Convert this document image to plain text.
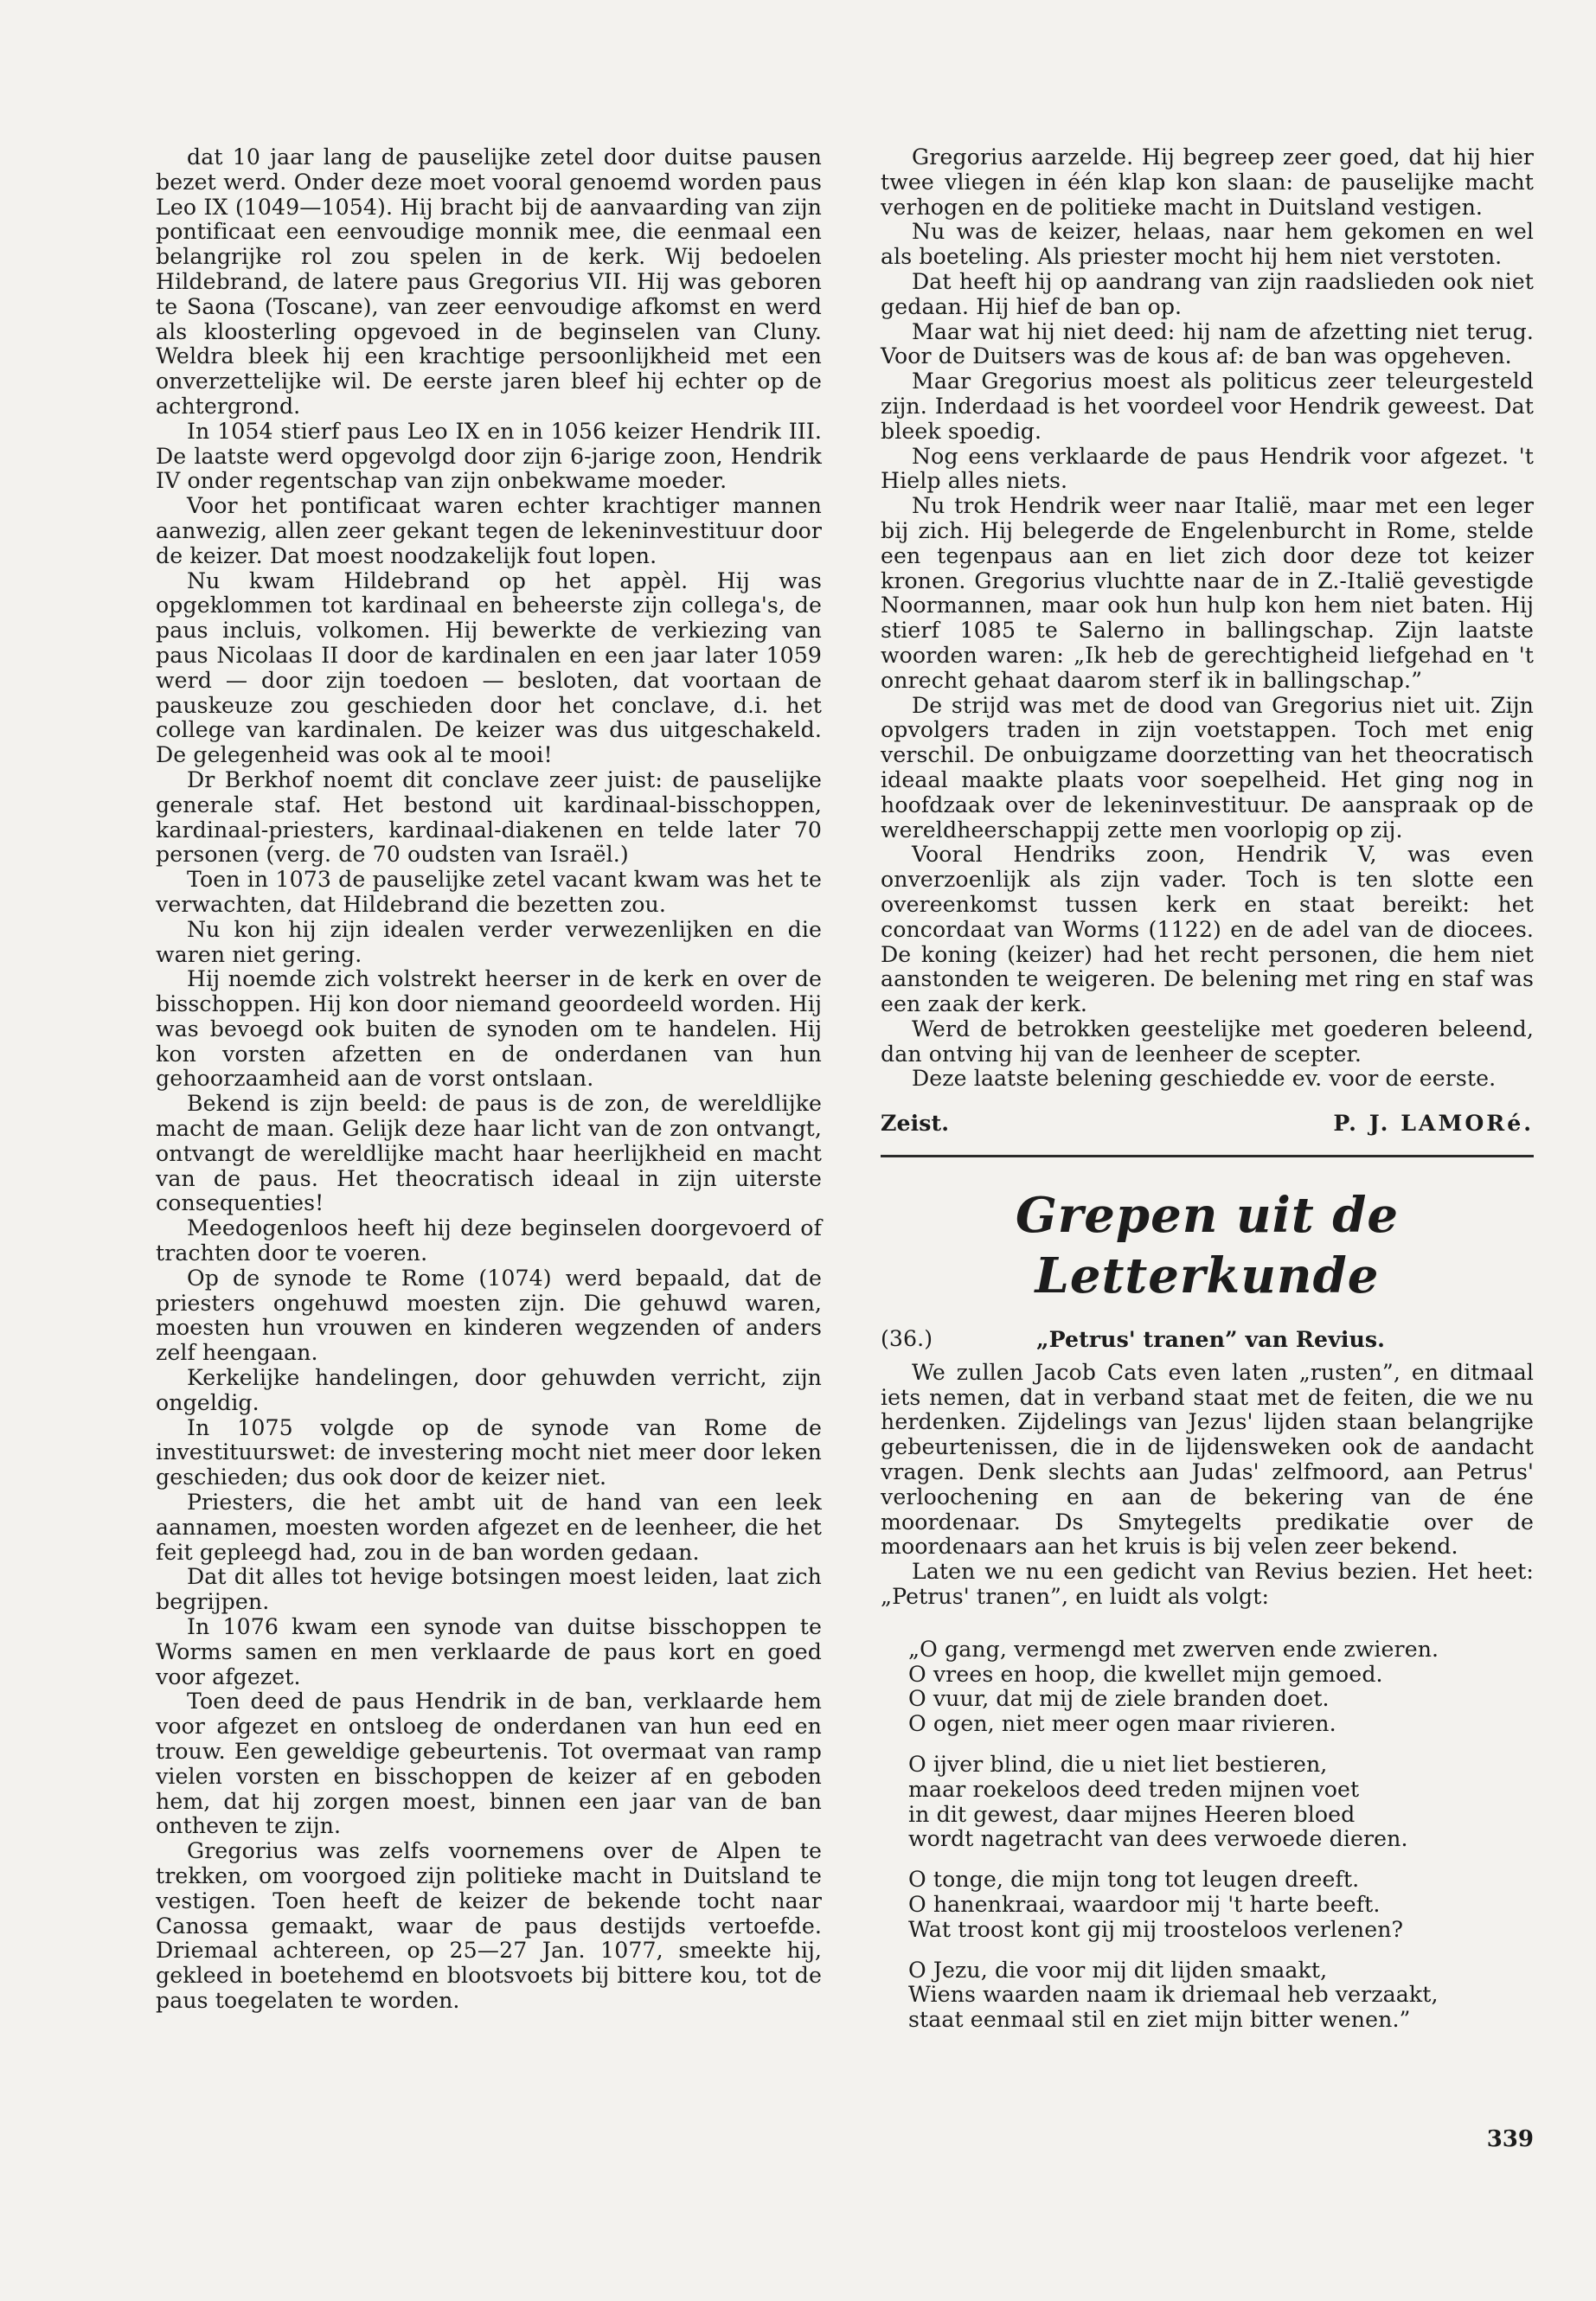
dat 10 jaar lang de pauselijke zetel door duitse pausen bezet werd. Onder deze moet vooral genoemd worden paus Leo IX (1049—1054). Hij bracht bij de aanvaarding van zijn pontificaat een eenvoudige monnik mee, die eenmaal een belangrijke rol zou spelen in de kerk. Wij bedoelen Hildebrand, de latere paus Gregorius VII. Hij was geboren te Saona (Toscane), van zeer eenvoudige afkomst en werd als kloosterling opgevoed in de beginselen van Cluny. Weldra bleek hij een krachtige persoonlijkheid met een onverzettelijke wil. De eerste jaren bleef hij echter op de achtergrond.

In 1054 stierf paus Leo IX en in 1056 keizer Hendrik III. De laatste werd opgevolgd door zijn 6-jarige zoon, Hendrik IV onder regentschap van zijn onbekwame moeder.

Voor het pontificaat waren echter krachtiger mannen aanwezig, allen zeer gekant tegen de lekeninvestituur door de keizer. Dat moest noodzakelijk fout lopen.

Nu kwam Hildebrand op het appèl. Hij was opgeklommen tot kardinaal en beheerste zijn collega's, de paus incluis, volkomen. Hij bewerkte de verkiezing van paus Nicolaas II door de kardinalen en een jaar later 1059 werd — door zijn toedoen — besloten, dat voortaan de pauskeuze zou geschieden door het conclave, d.i. het college van kardinalen. De keizer was dus uitgeschakeld. De gelegenheid was ook al te mooi!

Dr Berkhof noemt dit conclave zeer juist: de pauselijke generale staf. Het bestond uit kardinaal-bisschoppen, kardinaal-priesters, kardinaal-diakenen en telde later 70 personen (verg. de 70 oudsten van Israël.)

Toen in 1073 de pauselijke zetel vacant kwam was het te verwachten, dat Hildebrand die bezetten zou.

Nu kon hij zijn idealen verder verwezenlijken en die waren niet gering.

Hij noemde zich volstrekt heerser in de kerk en over de bisschoppen. Hij kon door niemand geoordeeld worden. Hij was bevoegd ook buiten de synoden om te handelen. Hij kon vorsten afzetten en de onderdanen van hun gehoorzaamheid aan de vorst ontslaan.

Bekend is zijn beeld: de paus is de zon, de wereldlijke macht de maan. Gelijk deze haar licht van de zon ontvangt, ontvangt de wereldlijke macht haar heerlijkheid en macht van de paus. Het theocratisch ideaal in zijn uiterste consequenties!

Meedogenloos heeft hij deze beginselen doorgevoerd of trachten door te voeren.

Op de synode te Rome (1074) werd bepaald, dat de priesters ongehuwd moesten zijn. Die gehuwd waren, moesten hun vrouwen en kinderen wegzenden of anders zelf heengaan.

Kerkelijke handelingen, door gehuwden verricht, zijn ongeldig.

In 1075 volgde op de synode van Rome de investituurswet: de investering mocht niet meer door leken geschieden; dus ook door de keizer niet.

Priesters, die het ambt uit de hand van een leek aannamen, moesten worden afgezet en de leenheer, die het feit gepleegd had, zou in de ban worden gedaan.

Dat dit alles tot hevige botsingen moest leiden, laat zich begrijpen.

In 1076 kwam een synode van duitse bisschoppen te Worms samen en men verklaarde de paus kort en goed voor afgezet.

Toen deed de paus Hendrik in de ban, verklaarde hem voor afgezet en ontsloeg de onderdanen van hun eed en trouw. Een geweldige gebeurtenis. Tot overmaat van ramp vielen vorsten en bisschoppen de keizer af en geboden hem, dat hij zorgen moest, binnen een jaar van de ban ontheven te zijn.

Gregorius was zelfs voornemens over de Alpen te trekken, om voorgoed zijn politieke macht in Duitsland te vestigen. Toen heeft de keizer de bekende tocht naar Canossa gemaakt, waar de paus destijds vertoefde. Driemaal achtereen, op 25—27 Jan. 1077, smeekte hij, gekleed in boetehemd en blootsvoets bij bittere kou, tot de paus toegelaten te worden.

Gregorius aarzelde. Hij begreep zeer goed, dat hij hier twee vliegen in één klap kon slaan: de pauselijke macht verhogen en de politieke macht in Duitsland vestigen.

Nu was de keizer, helaas, naar hem gekomen en wel als boeteling. Als priester mocht hij hem niet verstoten.

Dat heeft hij op aandrang van zijn raadslieden ook niet gedaan. Hij hief de ban op.

Maar wat hij niet deed: hij nam de afzetting niet terug. Voor de Duitsers was de kous af: de ban was opgeheven.

Maar Gregorius moest als politicus zeer teleurgesteld zijn. Inderdaad is het voordeel voor Hendrik geweest. Dat bleek spoedig.

Nog eens verklaarde de paus Hendrik voor afgezet. 't Hielp alles niets.

Nu trok Hendrik weer naar Italië, maar met een leger bij zich. Hij belegerde de Engelenburcht in Rome, stelde een tegenpaus aan en liet zich door deze tot keizer kronen. Gregorius vluchtte naar de in Z.-Italië gevestigde Noormannen, maar ook hun hulp kon hem niet baten. Hij stierf 1085 te Salerno in ballingschap. Zijn laatste woorden waren: „Ik heb de gerechtigheid liefgehad en 't onrecht gehaat daarom sterf ik in ballingschap.”

De strijd was met de dood van Gregorius niet uit. Zijn opvolgers traden in zijn voetstappen. Toch met enig verschil. De onbuigzame doorzetting van het theocratisch ideaal maakte plaats voor soepelheid. Het ging nog in hoofdzaak over de lekeninvestituur. De aanspraak op de wereldheerschappij zette men voorlopig op zij.

Vooral Hendriks zoon, Hendrik V, was even onverzoenlijk als zijn vader. Toch is ten slotte een overeenkomst tussen kerk en staat bereikt: het concordaat van Worms (1122) en de adel van de diocees. De koning (keizer) had het recht personen, die hem niet aanstonden te weigeren. De belening met ring en staf was een zaak der kerk.

Werd de betrokken geestelijke met goederen beleend, dan ontving hij van de leenheer de scepter.

Deze laatste belening geschiedde ev. voor de eerste.

Zeist.	P. J. LAMORé.
Grepen uit de Letterkunde
(36.)	„Petrus' tranen” van Revius.

We zullen Jacob Cats even laten „rusten”, en ditmaal iets nemen, dat in verband staat met de feiten, die we nu herdenken. Zijdelings van Jezus' lijden staan belangrijke gebeurtenissen, die in de lijdensweken ook de aandacht vragen. Denk slechts aan Judas' zelfmoord, aan Petrus' verloochening en aan de bekering van de éne moordenaar. Ds Smytegelts predikatie over de moordenaars aan het kruis is bij velen zeer bekend.

Laten we nu een gedicht van Revius bezien. Het heet: „Petrus' tranen”, en luidt als volgt:

„O gang, vermengd met zwerven ende zwieren.
O vrees en hoop, die kwellet mijn gemoed.
O vuur, dat mij de ziele branden doet.
O ogen, niet meer ogen maar rivieren.
O ijver blind, die u niet liet bestieren,
maar roekeloos deed treden mijnen voet
in dit gewest, daar mijnes Heeren bloed
wordt nagetracht van dees verwoede dieren.
O tonge, die mijn tong tot leugen dreeft.
O hanenkraai, waardoor mij 't harte beeft.
Wat troost kont gij mij troosteloos verlenen?
O Jezu, die voor mij dit lijden smaakt,
Wiens waarden naam ik driemaal heb verzaakt,
staat eenmaal stil en ziet mijn bitter wenen.”
339
